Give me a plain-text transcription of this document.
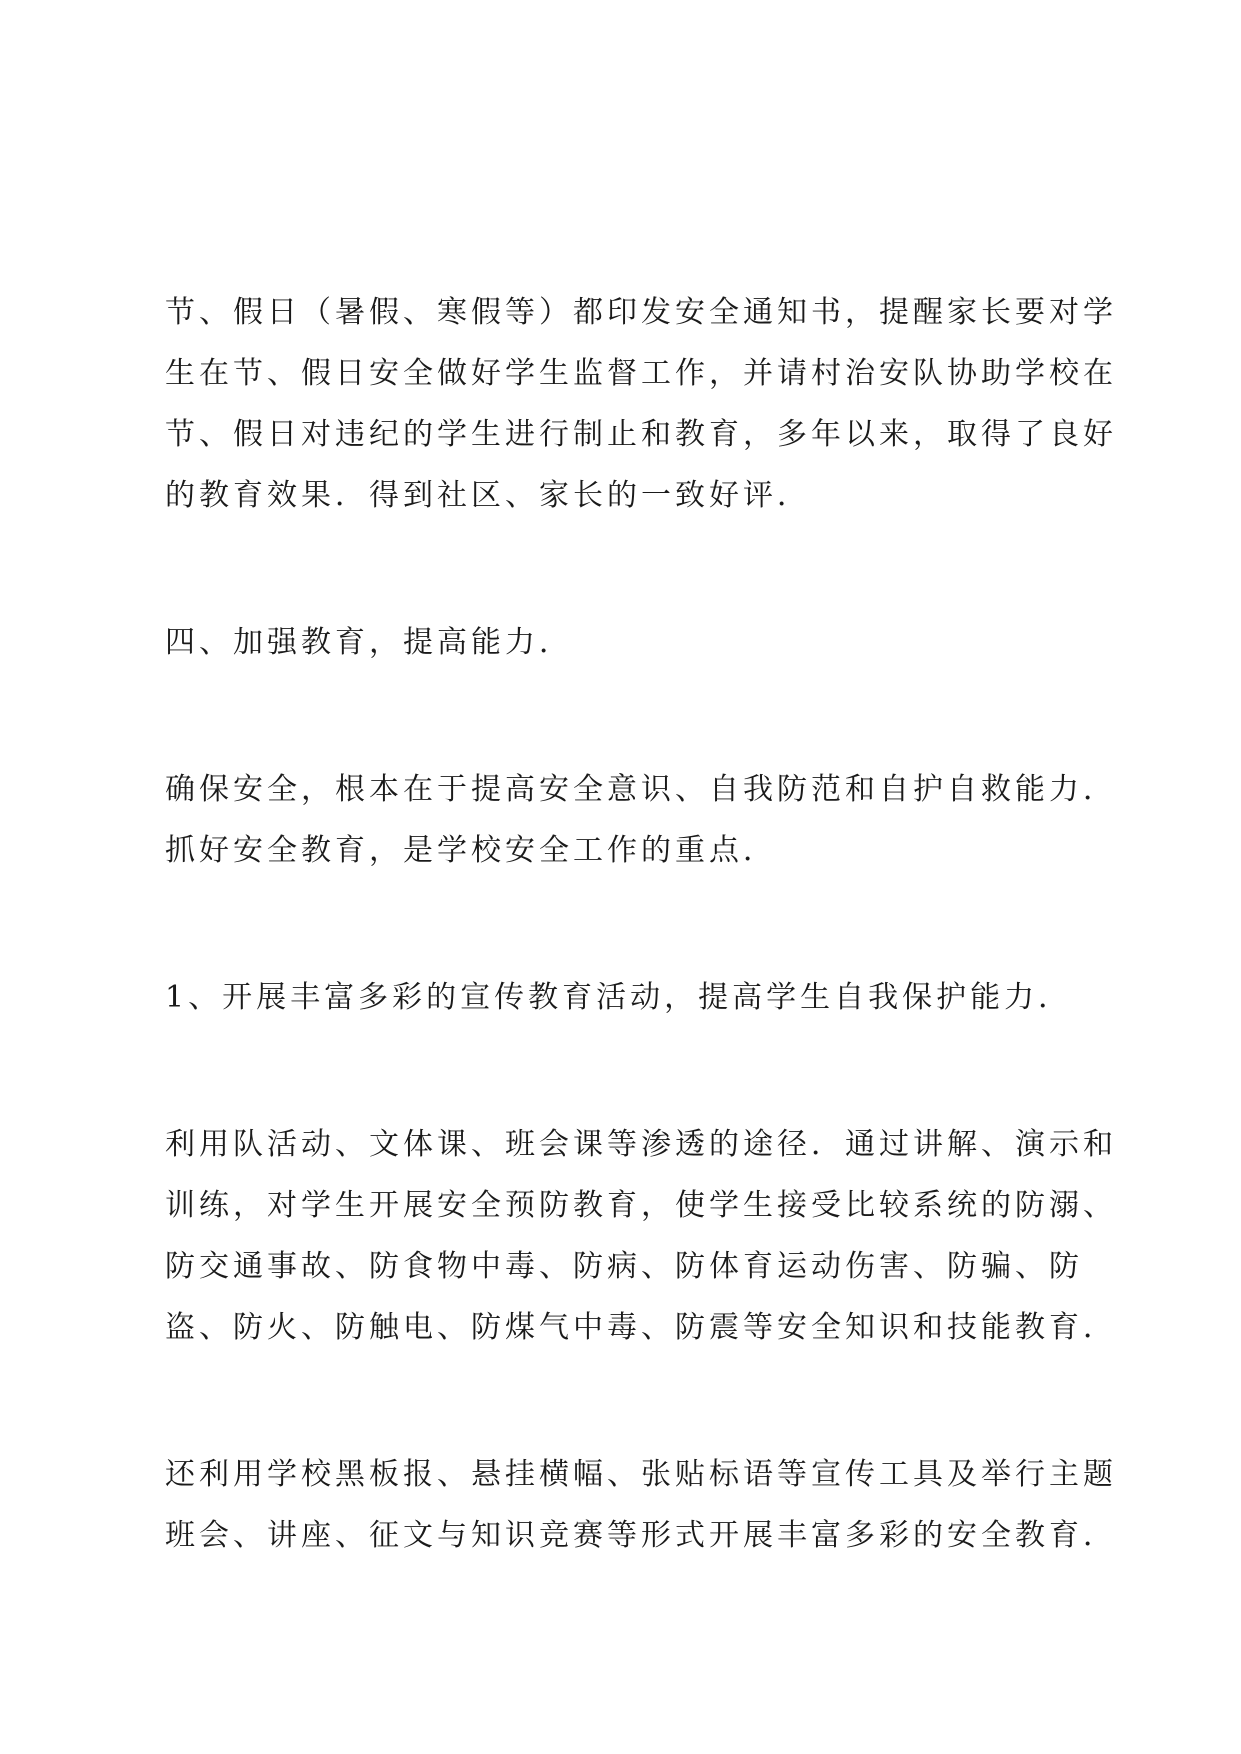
节、假日（暑假、寒假等）都印发安全通知书，提醒家长要对学
生在节、假日安全做好学生监督工作，并请村治安队协助学校在
节、假日对违纪的学生进行制止和教育，多年以来，取得了良好
的教育效果．得到社区、家长的一致好评．

四、加强教育，提高能力．

确保安全，根本在于提高安全意识、自我防范和自护自救能力．
抓好安全教育，是学校安全工作的重点．

1、开展丰富多彩的宣传教育活动，提高学生自我保护能力．

利用队活动、文体课、班会课等渗透的途径．通过讲解、演示和
训练，对学生开展安全预防教育，使学生接受比较系统的防溺、
防交通事故、防食物中毒、防病、防体育运动伤害、防骗、防
盗、防火、防触电、防煤气中毒、防震等安全知识和技能教育．

还利用学校黑板报、悬挂横幅、张贴标语等宣传工具及举行主题
班会、讲座、征文与知识竞赛等形式开展丰富多彩的安全教育．
